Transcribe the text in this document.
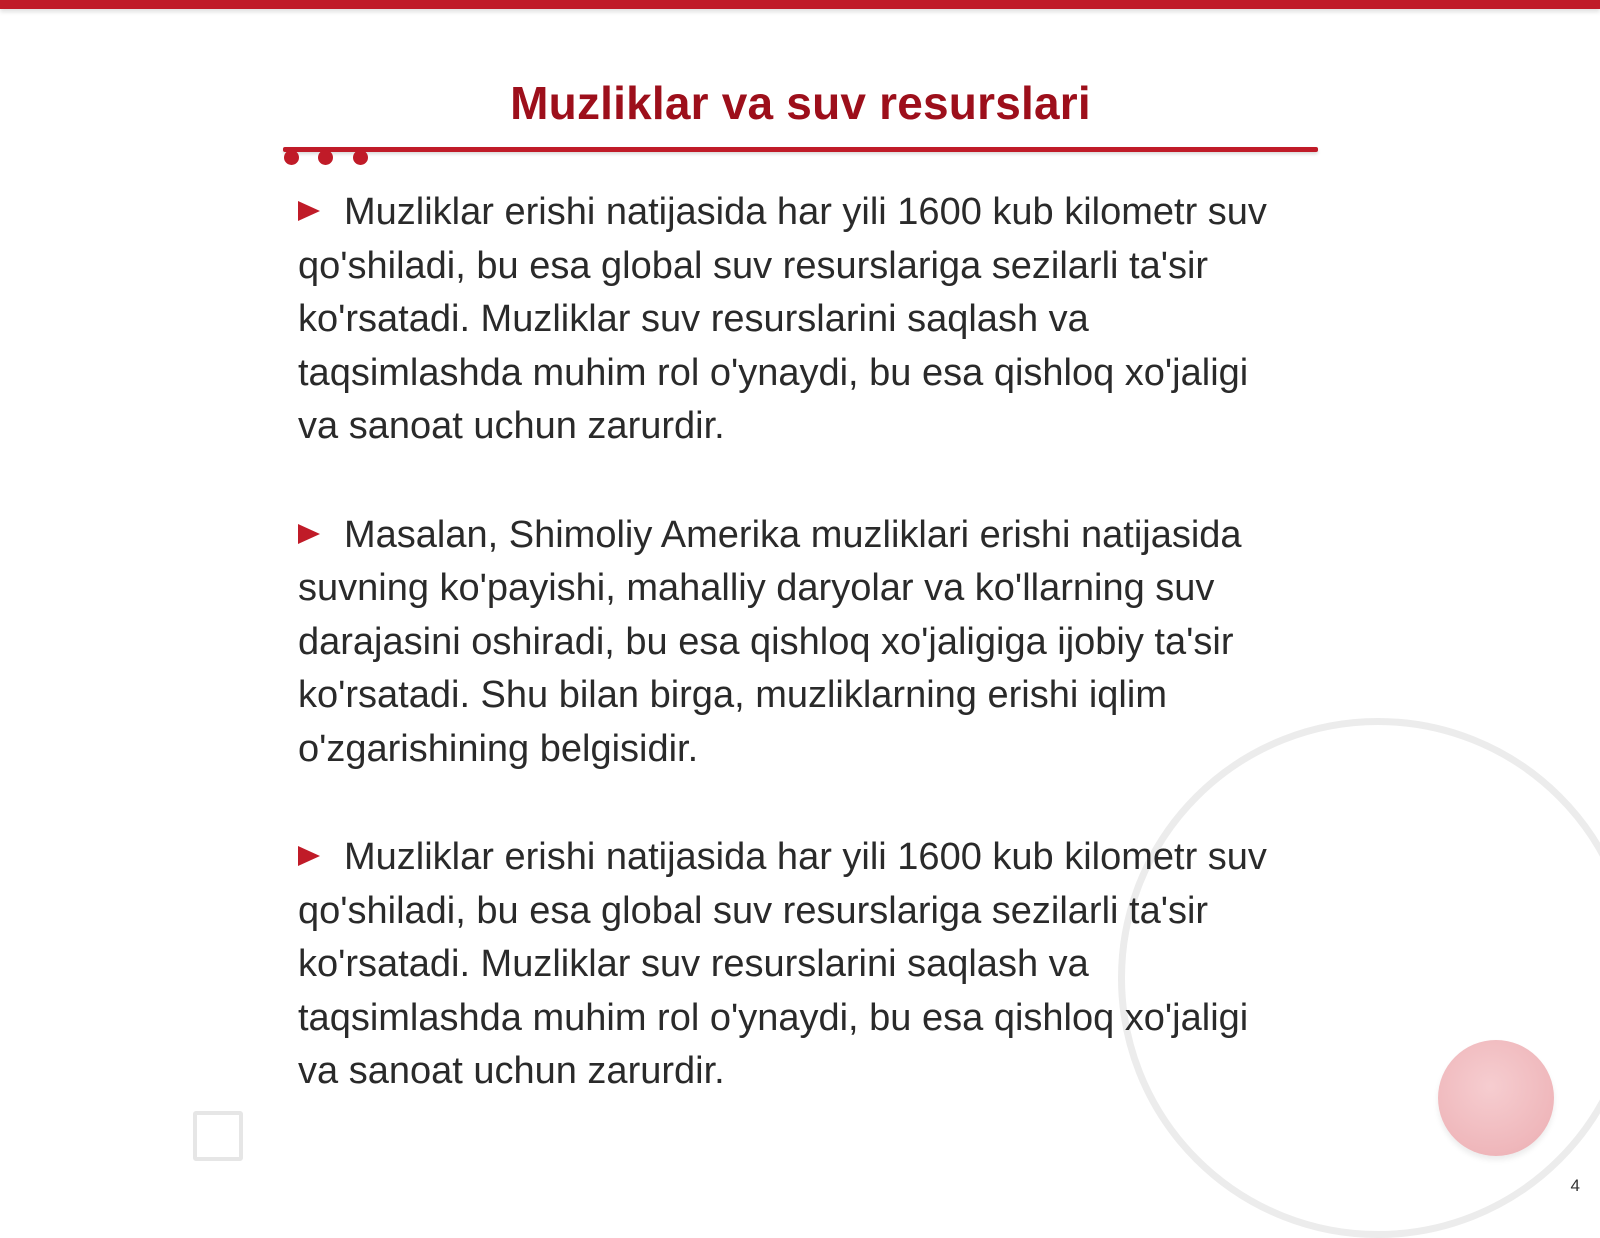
Muzliklar va suv resurslari

Muzliklar erishi natijasida har yili 1600 kub kilometr suv qo'shiladi, bu esa global suv resurslariga sezilarli ta'sir ko'rsatadi. Muzliklar suv resurslarini saqlash va taqsimlashda muhim rol o'ynaydi, bu esa qishloq xo'jaligi va sanoat uchun zarurdir.

Masalan, Shimoliy Amerika muzliklari erishi natijasida suvning ko'payishi, mahalliy daryolar va ko'llarning suv darajasini oshiradi, bu esa qishloq xo'jaligiga ijobiy ta'sir ko'rsatadi. Shu bilan birga, muzliklarning erishi iqlim o'zgarishining belgisidir.

Muzliklar erishi natijasida har yili 1600 kub kilometr suv qo'shiladi, bu esa global suv resurslariga sezilarli ta'sir ko'rsatadi. Muzliklar suv resurslarini saqlash va taqsimlashda muhim rol o'ynaydi, bu esa qishloq xo'jaligi va sanoat uchun zarurdir.

4
